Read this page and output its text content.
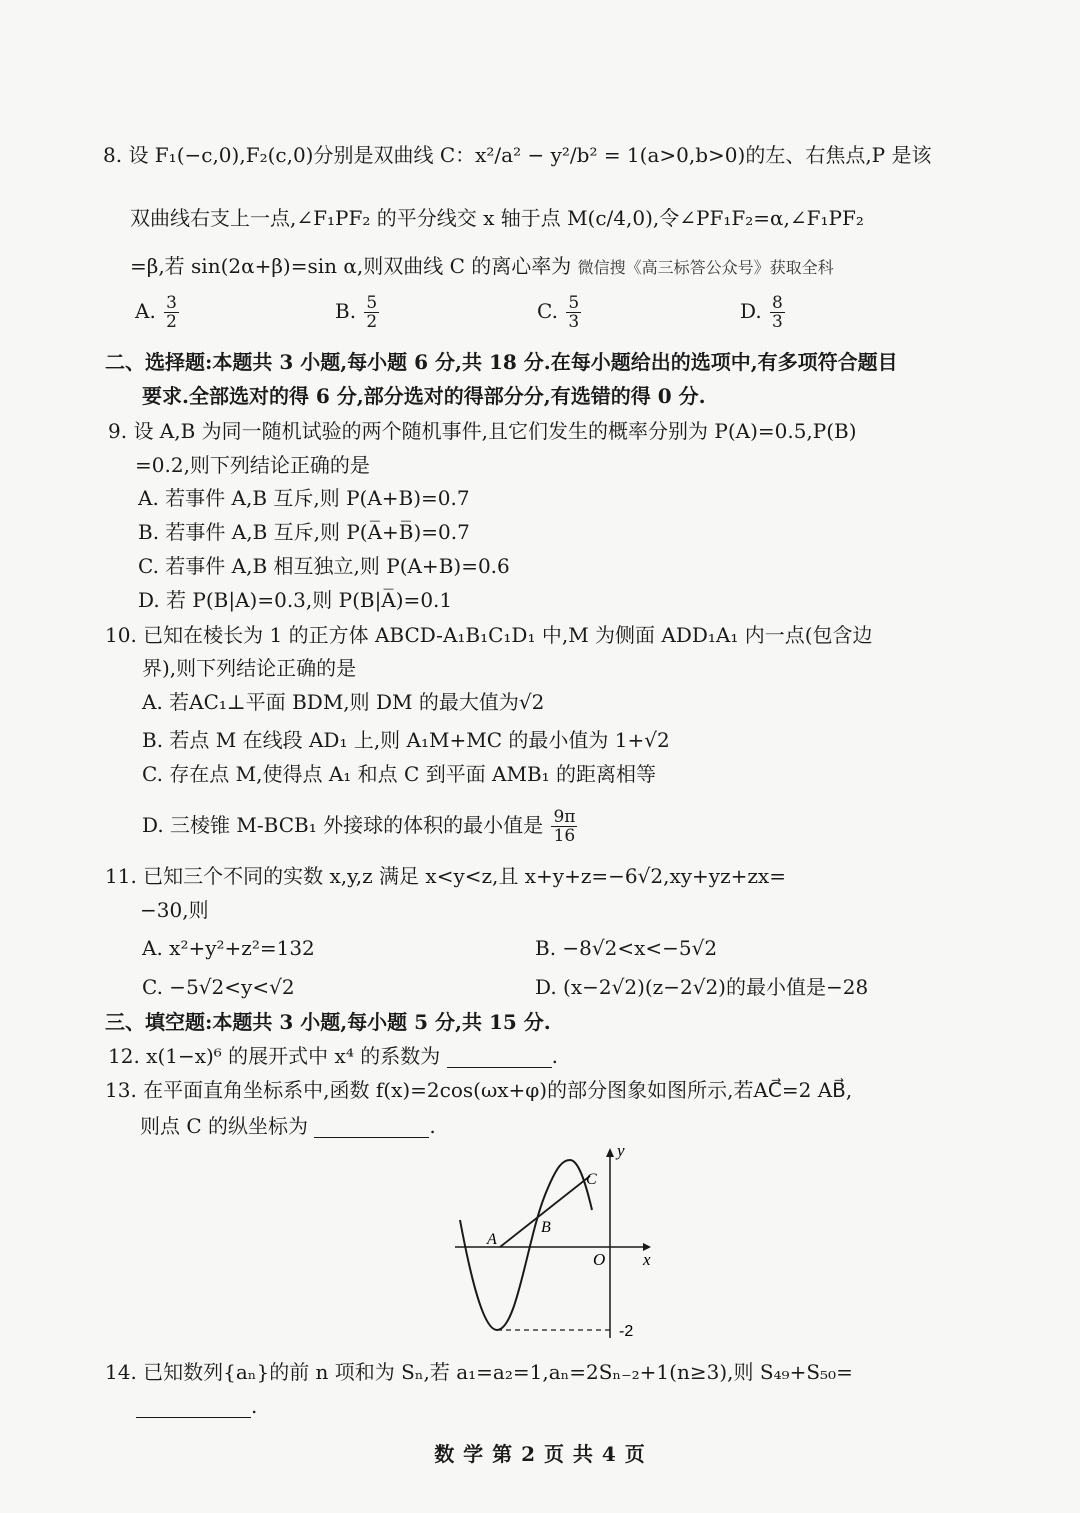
8. 设 F₁(−c,0),F₂(c,0)分别是双曲线 C：x²/a² − y²/b² = 1(a>0,b>0)的左、右焦点,P 是该
双曲线右支上一点,∠F₁PF₂ 的平分线交 x 轴于点 M(c/4,0),令∠PF₁F₂=α,∠F₁PF₂
=β,若 sin(2α+β)=sin α,则双曲线 C 的离心率为 微信搜《高三标答公众号》获取全科
A. $\frac{3}{2}$	B. $\frac{5}{2}$	C. $\frac{5}{3}$	D. $\frac{8}{3}$
二、选择题:本题共 3 小题,每小题 6 分,共 18 分.在每小题给出的选项中,有多项符合题目
要求.全部选对的得 6 分,部分选对的得部分分,有选错的得 0 分.
9. 设 A,B 为同一随机试验的两个随机事件,且它们发生的概率分别为 P(A)=0.5,P(B)
=0.2,则下列结论正确的是
A. 若事件 A,B 互斥,则 P(A+B)=0.7
B. 若事件 A,B 互斥,则 P(A̅+B̅)=0.7
C. 若事件 A,B 相互独立,则 P(A+B)=0.6
D. 若 P(B|A)=0.3,则 P(B|A̅)=0.1
10. 已知在棱长为 1 的正方体 ABCD-A₁B₁C₁D₁ 中,M 为侧面 ADD₁A₁ 内一点(包含边
界),则下列结论正确的是
A. 若AC₁⊥平面 BDM,则 DM 的最大值为√2
B. 若点 M 在线段 AD₁ 上,则 A₁M+MC 的最小值为 1+√2
C. 存在点 M,使得点 A₁ 和点 C 到平面 AMB₁ 的距离相等
D. 三棱锥 M-BCB₁ 外接球的体积的最小值是 $\frac{9\pi}{16}$
11. 已知三个不同的实数 x,y,z 满足 x<y<z,且 x+y+z=−6√2,xy+yz+zx=
−30,则
A. x²+y²+z²=132	B. −8√2<x<−5√2
C. −5√2<y<√2	D. (x−2√2)(z−2√2)的最小值是−28
三、填空题:本题共 3 小题,每小题 5 分,共 15 分.
12. x(1−x)⁶ 的展开式中 x⁴ 的系数为	.
13. 在平面直角坐标系中,函数 f(x)=2cos(ωx+φ)的部分图象如图所示,若AC⃗=2 AB⃗,
则点 C 的纵坐标为	.
y
x
O
A
B
C
-2
14. 已知数列{aₙ}的前 n 项和为 Sₙ,若 a₁=a₂=1,aₙ=2Sₙ₋₂+1(n≥3),则 S₄₉+S₅₀=
.
数 学 第 2 页 共 4 页
